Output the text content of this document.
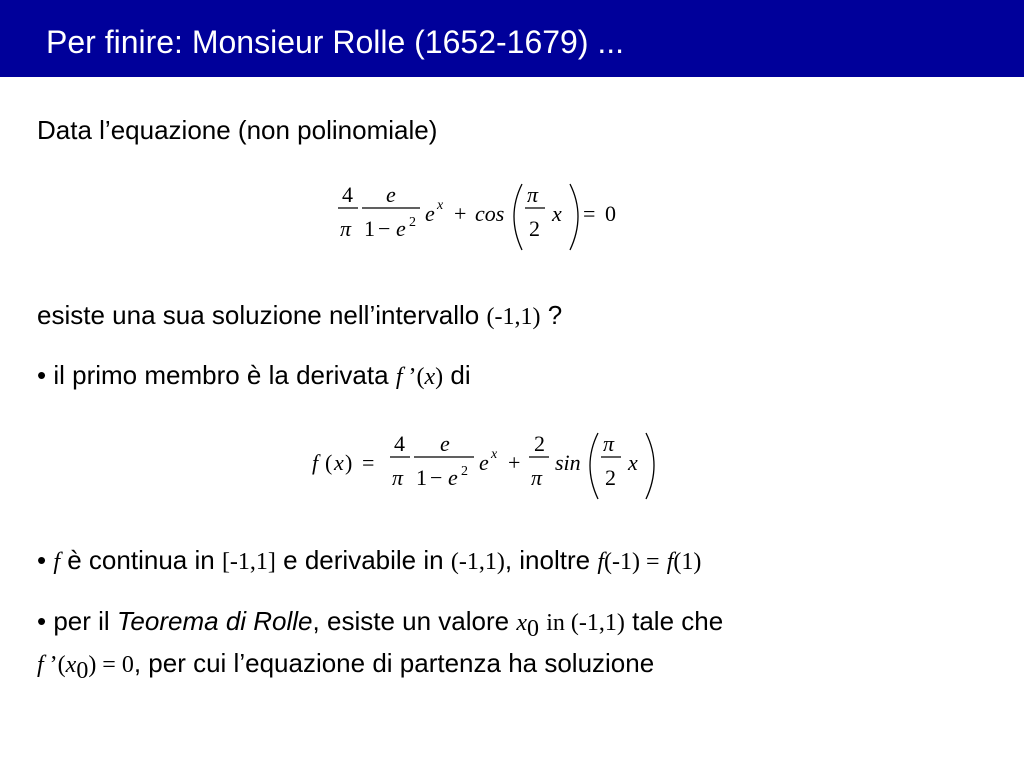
Per finire: Monsieur Rolle (1652-1679) ...
Data l’equazione (non polinomiale)
4
π
e
1 − e 2 e x + cos
π
2
x = 0
esiste una sua soluzione nell’intervallo (-1,1) ?
• il primo membro è la derivata f ’(x) di
f ( x ) =
4
π
e
1 − e 2 e x +
2
π
sin
π
2
x
• f è continua in [-1,1] e derivabile in (-1,1), inoltre f(-1) = f(1)
• per il Teorema di Rolle, esiste un valore $x_0$ in (-1,1) tale che
f $’(x_0) = 0$, per cui l’equazione di partenza ha soluzione
